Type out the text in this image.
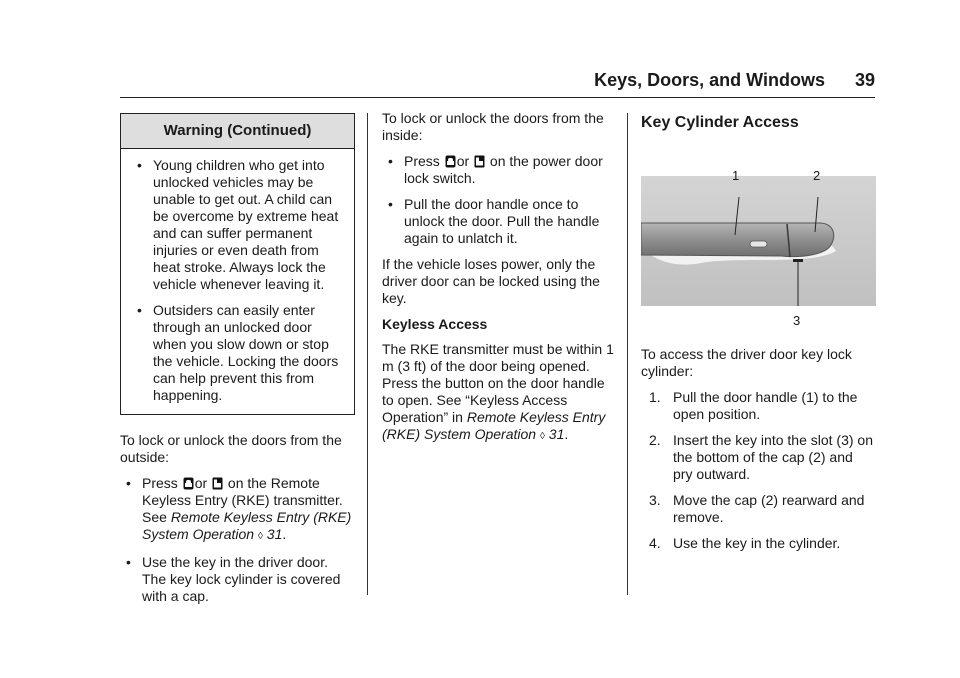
Keys, Doors, and Windows 39
Warning (Continued)
• Young children who get into unlocked vehicles may be unable to get out. A child can be overcome by extreme heat and can suffer permanent injuries or even death from heat stroke. Always lock the vehicle whenever leaving it.
• Outsiders can easily enter through an unlocked door when you slow down or stop the vehicle. Locking the doors can help prevent this from happening.

To lock or unlock the doors from the outside:

• Press or on the Remote Keyless Entry (RKE) transmitter. See Remote Keyless Entry (RKE) System Operation ◊ 31.
• Use the key in the driver door. The key lock cylinder is covered with a cap.

To lock or unlock the doors from the inside:

• Press or on the power door lock switch.
• Pull the door handle once to unlock the door. Pull the handle again to unlatch it.

If the vehicle loses power, only the driver door can be locked using the key.

Keyless Access

The RKE transmitter must be within 1 m (3 ft) of the door being opened. Press the button on the door handle to open. See “Keyless Access Operation” in Remote Keyless Entry (RKE) System Operation ◊ 31.

Key Cylinder Access
1	2
3

To access the driver door key lock cylinder:

1. Pull the door handle (1) to the open position.
2. Insert the key into the slot (3) on the bottom of the cap (2) and pry outward.
3. Move the cap (2) rearward and remove.
4. Use the key in the cylinder.
